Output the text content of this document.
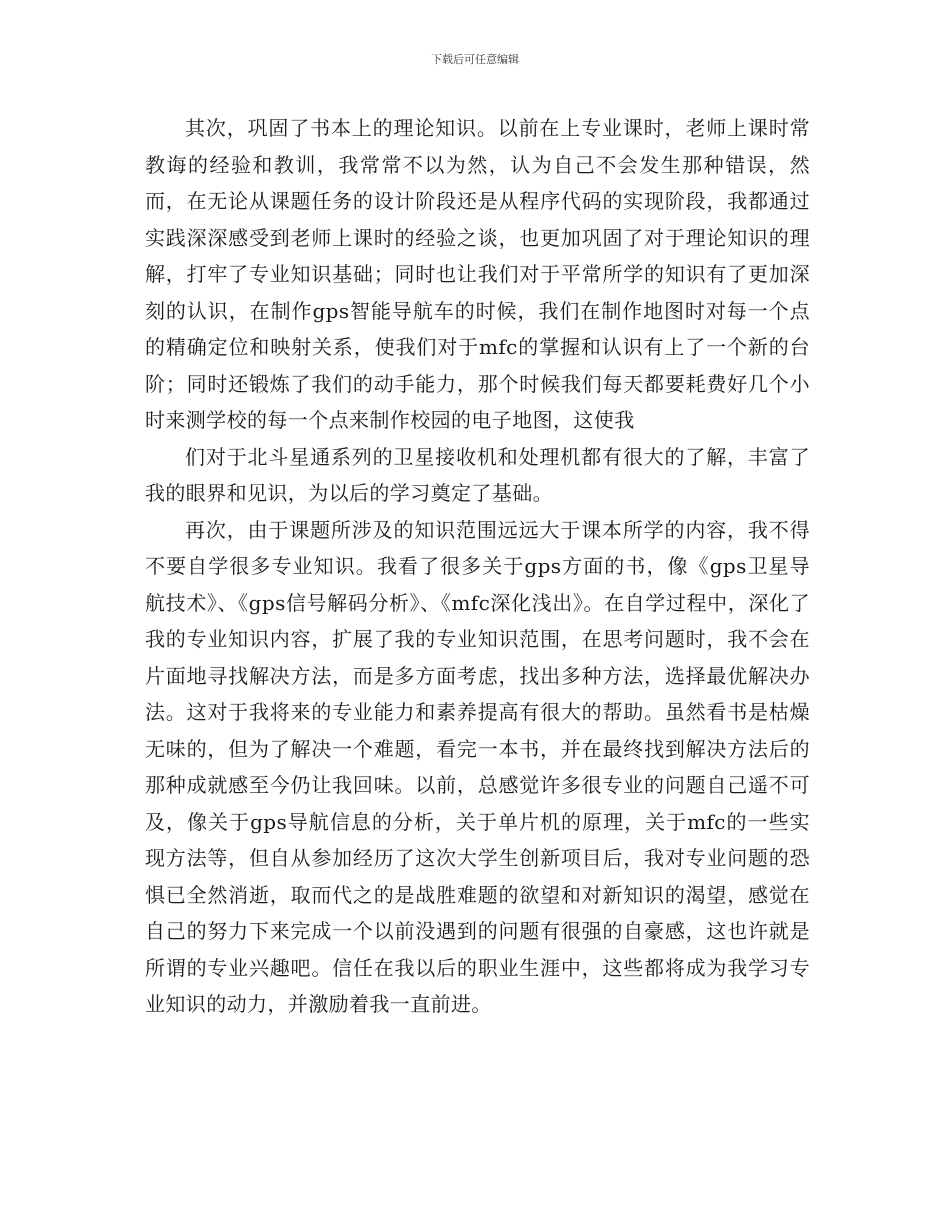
下载后可任意编辑

其次，巩固了书本上的理论知识。以前在上专业课时，老师上课时常教诲的经验和教训，我常常不以为然，认为自己不会发生那种错误，然而，在无论从课题任务的设计阶段还是从程序代码的实现阶段，我都通过实践深深感受到老师上课时的经验之谈，也更加巩固了对于理论知识的理解，打牢了专业知识基础；同时也让我们对于平常所学的知识有了更加深刻的认识，在制作gps智能导航车的时候，我们在制作地图时对每一个点的精确定位和映射关系，使我们对于mfc的掌握和认识有上了一个新的台阶；同时还锻炼了我们的动手能力，那个时候我们每天都要耗费好几个小时来测学校的每一个点来制作校园的电子地图，这使我

们对于北斗星通系列的卫星接收机和处理机都有很大的了解，丰富了我的眼界和见识，为以后的学习奠定了基础。

再次，由于课题所涉及的知识范围远远大于课本所学的内容，我不得不要自学很多专业知识。我看了很多关于gps方面的书，像《gps卫星导航技术》、《gps信号解码分析》、《mfc深化浅出》。在自学过程中，深化了我的专业知识内容，扩展了我的专业知识范围，在思考问题时，我不会在片面地寻找解决方法，而是多方面考虑，找出多种方法，选择最优解决办法。这对于我将来的专业能力和素养提高有很大的帮助。虽然看书是枯燥无味的，但为了解决一个难题，看完一本书，并在最终找到解决方法后的那种成就感至今仍让我回味。以前，总感觉许多很专业的问题自己遥不可及，像关于gps导航信息的分析，关于单片机的原理，关于mfc的一些实现方法等，但自从参加经历了这次大学生创新项目后，我对专业问题的恐惧已全然消逝，取而代之的是战胜难题的欲望和对新知识的渴望，感觉在自己的努力下来完成一个以前没遇到的问题有很强的自豪感，这也许就是所谓的专业兴趣吧。信任在我以后的职业生涯中，这些都将成为我学习专业知识的动力，并激励着我一直前进。
